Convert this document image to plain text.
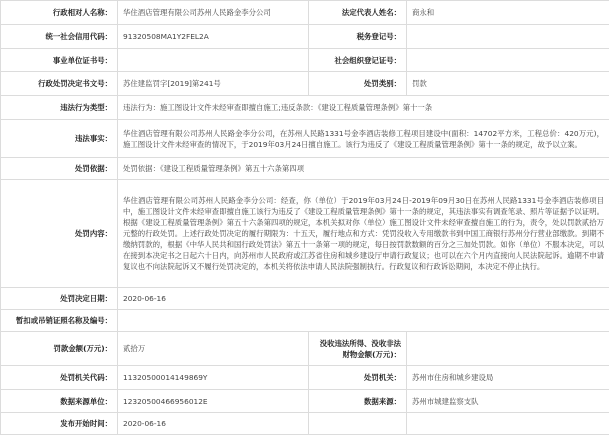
行政相对人名称：	华住酒店管理有限公司苏州人民路金李分公司	法定代表人姓名：	商永和
统一社会信用代码：	91320508MA1Y2FEL2A	税务登记号：	
事业单位证书号：		社会组织登记证号：	
行政处罚决定书文号：	苏住建监罚字[2019]第241号	处罚类别：	罚款
违法行为类型：	违法行为：施工图设计文件未经审查即擅自施工;违反条款：《建设工程质量管理条例》第十一条		
违法事实：	华住酒店管理有限公司苏州人民路金李分公司，在苏州人民路1331号金李酒店装修工程项目建设中(面积：14702平方米，工程总价：420万元)，施工图设计文件未经审查的情况下，于2019年03月24日擅自施工。该行为违反了《建设工程质量管理条例》第十一条的规定，故予以立案。		
处罚依据：	处罚依据：《建设工程质量管理条例》第五十六条第四项		
处罚内容：	华住酒店管理有限公司苏州人民路金李分公司：经查，你（单位）于2019年03月24日-2019年09月30日在苏州人民路1331号金李酒店装修项目中，施工图设计文件未经审查即擅自施工该行为违反了《建设工程质量管理条例》第十一条的规定，其违法事实有调查笔录、照片等证据予以证明。根据《建设工程质量管理条例》第五十六条第四项的规定，本机关拟对你（单位）施工图设计文件未经审查擅自施工的行为，责令，处以罚款贰拾万元整的行政处罚。上述行政处罚决定的履行期限为：十五天，履行地点和方式：凭罚没收入专用缴款书到中国工商银行苏州分行营业部缴款。到期不缴纳罚款的，根据《中华人民共和国行政处罚法》第五十一条第一项的规定，每日按罚款数额的百分之三加处罚款。如你（单位）不服本决定，可以在接到本决定书之日起六十日内，向苏州市人民政府或江苏省住房和城乡建设厅申请行政复议；也可以在六个月内直接向人民法院起诉。逾期不申请复议也不向法院起诉又不履行处罚决定的，本机关将依法申请人民法院强制执行。行政复议和行政诉讼期间，本决定不停止执行。		
处罚决定日期：	2020-06-16		
暂扣或吊销证照名称及编号：			
罚款金额(万元)：	贰拾万	没收违法所得、没收非法财物金额(万元)：	
处罚机关代码：	11320500014149869Y	处罚机关：	苏州市住房和城乡建设局
数据来源单位：	12320500466956012E	数据来源：	苏州市城建监察支队
发布开始时间：	2020-06-16		
